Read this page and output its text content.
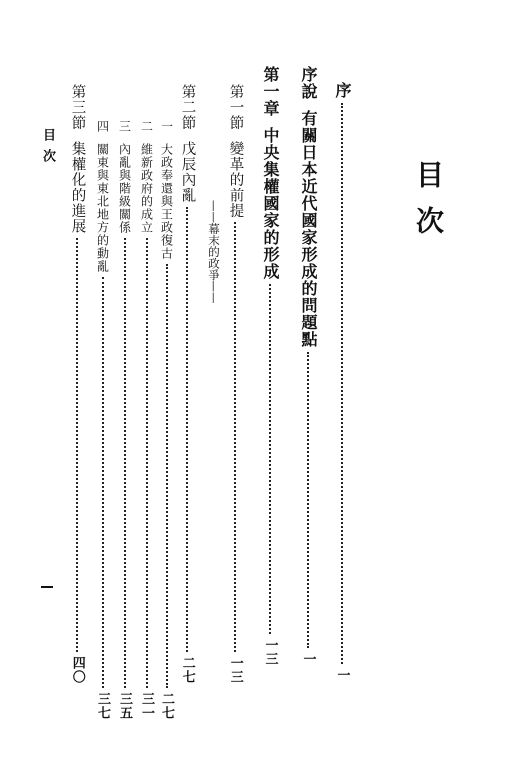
目次
序
一
序說
有關日本近代國家形成的問題點
一
第一章
中央集權國家的形成
一三
第一節
變革的前提
一三
——幕末的政爭——
第二節
戊辰內亂
二七
一
大政奉還與王政復古
二七
二
維新政府的成立
三一
三
內亂與階級關係
三五
四
關東與東北地方的動亂
三七
第三節
集權化的進展
四〇
目次
